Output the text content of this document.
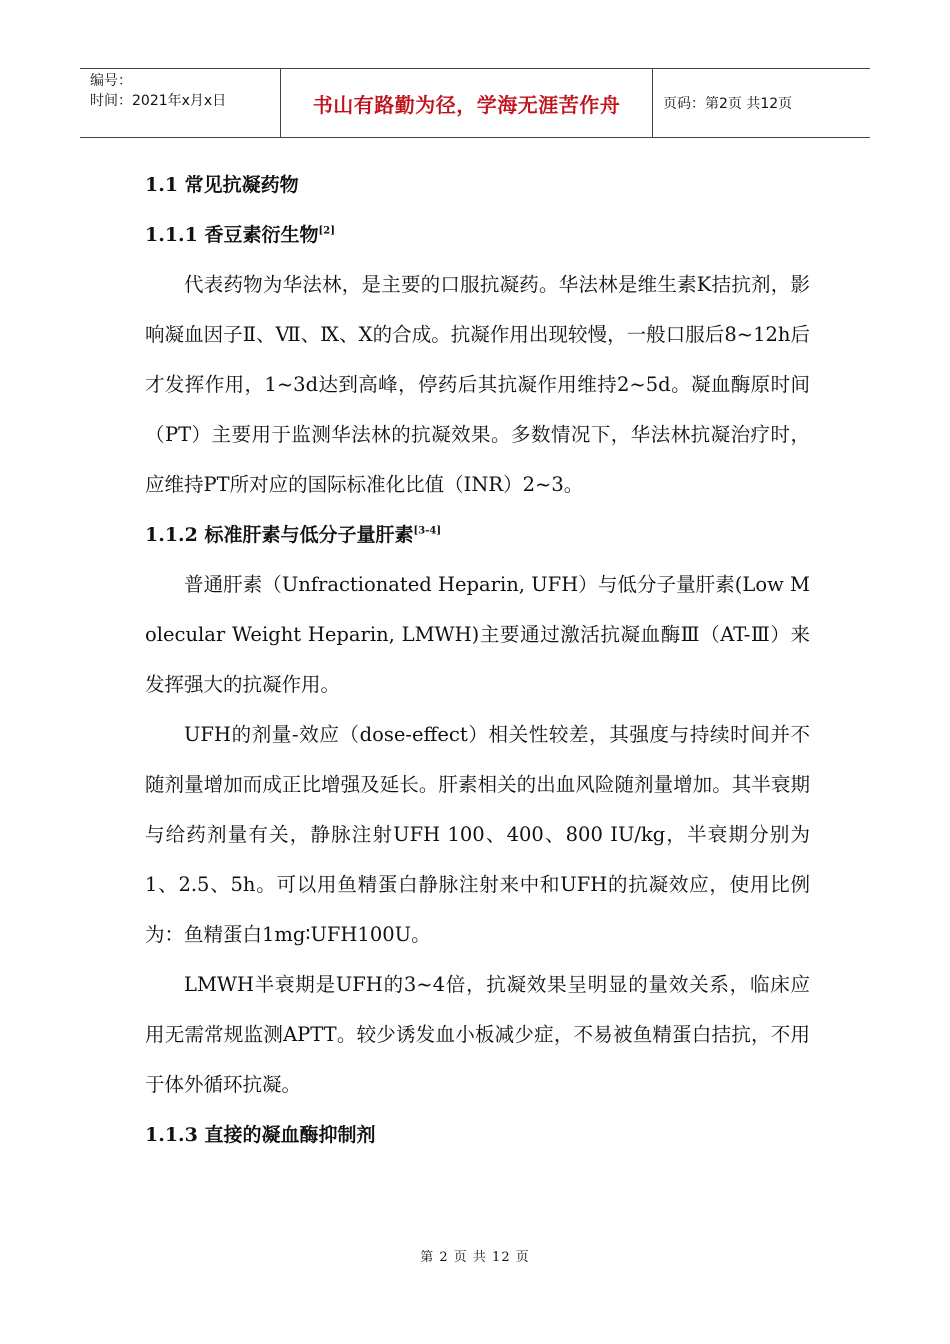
编号：
时间：2021年x月x日	书山有路勤为径，学海无涯苦作舟	页码：第2页 共12页
1.1 常见抗凝药物
1.1.1 香豆素衍生物[2]

代表药物为华法林，是主要的口服抗凝药。华法林是维生素K拮抗剂，影响凝血因子Ⅱ、Ⅶ、Ⅸ、Ⅹ的合成。抗凝作用出现较慢，一般口服后8~12h后才发挥作用，1~3d达到高峰，停药后其抗凝作用维持2~5d。凝血酶原时间（PT）主要用于监测华法林的抗凝效果。多数情况下，华法林抗凝治疗时，应维持PT所对应的国际标准化比值（INR）2~3。

1.1.2 标准肝素与低分子量肝素[3-4]

普通肝素（Unfractionated Heparin, UFH）与低分子量肝素(Low Molecular Weight Heparin, LMWH)主要通过激活抗凝血酶Ⅲ（AT-Ⅲ）来发挥强大的抗凝作用。

UFH的剂量-效应（dose-effect）相关性较差，其强度与持续时间并不随剂量增加而成正比增强及延长。肝素相关的出血风险随剂量增加。其半衰期与给药剂量有关，静脉注射UFH 100、400、800 IU/kg，半衰期分别为1、2.5、5h。可以用鱼精蛋白静脉注射来中和UFH的抗凝效应，使用比例为：鱼精蛋白1mg∶UFH100U。

LMWH半衰期是UFH的3~4倍，抗凝效果呈明显的量效关系，临床应用无需常规监测APTT。较少诱发血小板减少症，不易被鱼精蛋白拮抗，不用于体外循环抗凝。

1.1.3 直接的凝血酶抑制剂
第 2 页 共 12 页
